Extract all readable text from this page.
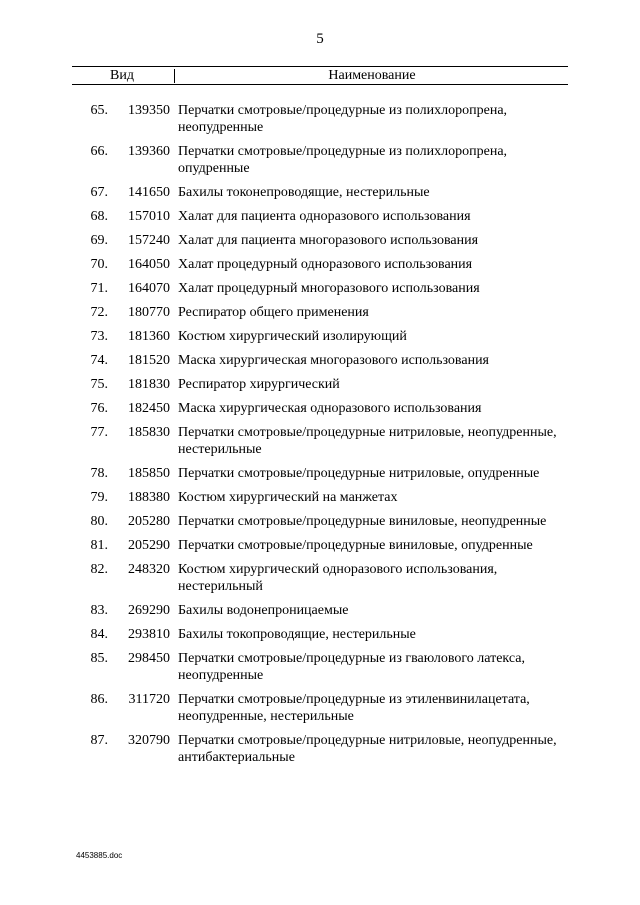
5
Вид	Наименование
65.	139350 Перчатки смотровые/процедурные из полихлоропрена, неопудренные
66.	139360 Перчатки смотровые/процедурные из полихлоропрена, опудренные
67.	141650 Бахилы токонепроводящие, нестерильные
68.	157010 Халат для пациента одноразового использования
69.	157240 Халат для пациента многоразового использования
70.	164050 Халат процедурный одноразового использования
71.	164070 Халат процедурный многоразового использования
72.	180770 Респиратор общего применения
73.	181360 Костюм хирургический изолирующий
74.	181520 Маска хирургическая многоразового использования
75.	181830 Респиратор хирургический
76.	182450 Маска хирургическая одноразового использования
77.	185830 Перчатки смотровые/процедурные нитриловые, неопудренные, нестерильные
78.	185850 Перчатки смотровые/процедурные нитриловые, опудренные
79.	188380 Костюм хирургический на манжетах
80.	205280 Перчатки смотровые/процедурные виниловые, неопудренные
81.	205290 Перчатки смотровые/процедурные виниловые, опудренные
82.	248320 Костюм хирургический одноразового использования, нестерильный
83.	269290 Бахилы водонепроницаемые
84.	293810 Бахилы токопроводящие, нестерильные
85.	298450 Перчатки смотровые/процедурные из гваюлового латекса, неопудренные
86.	311720 Перчатки смотровые/процедурные из этиленвинилацетата, неопудренные, нестерильные
87.	320790 Перчатки смотровые/процедурные нитриловые, неопудренные, антибактериальные
4453885.doc
